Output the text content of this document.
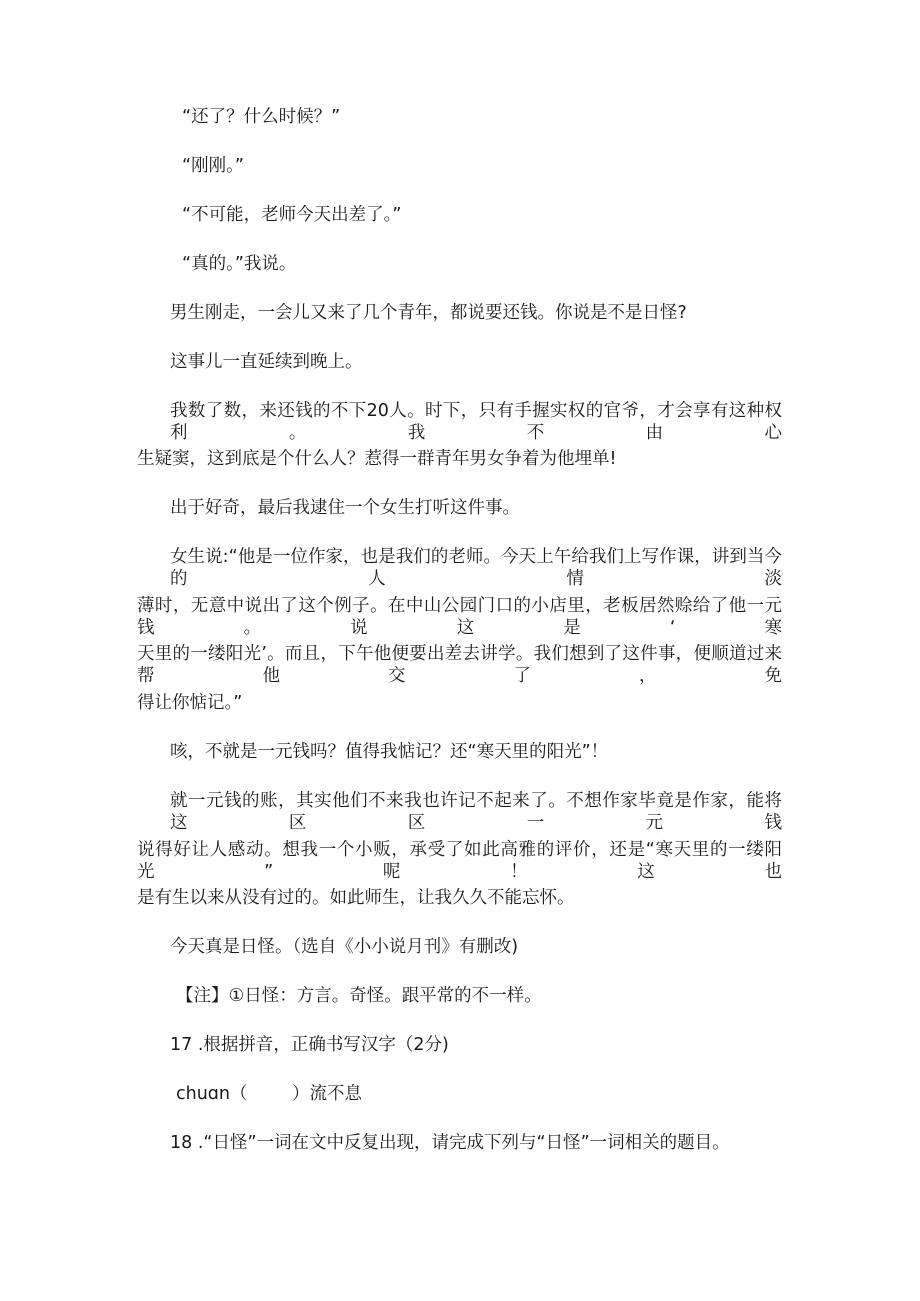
“还了？什么时候？”
“刚刚。”
“不可能，老师今天出差了。”
“真的。”我说。
男生刚走，一会儿又来了几个青年，都说要还钱。你说是不是日怪?
这事儿一直延续到晚上。
我数了数，来还钱的不下20人。时下，只有手握实权的官爷，才会享有这种权利。我不由心
生疑窦，这到底是个什么人？惹得一群青年男女争着为他埋单!
出于好奇，最后我逮住一个女生打听这件事。
女生说:“他是一位作家，也是我们的老师。今天上午给我们上写作课，讲到当今的人情淡
薄时，无意中说出了这个例子。在中山公园门口的小店里，老板居然赊给了他一元钱。说这是‘寒
天里的一缕阳光’。而且，下午他便要出差去讲学。我们想到了这件事，便顺道过来帮他交了，免
得让你惦记。”
咳，不就是一元钱吗？值得我惦记？还“寒天里的阳光”！
就一元钱的账，其实他们不来我也许记不起来了。不想作家毕竟是作家，能将这区区一元钱
说得好让人感动。想我一个小贩，承受了如此高雅的评价，还是“寒天里的一缕阳光”呢！这也
是有生以来从没有过的。如此师生，让我久久不能忘怀。
今天真是日怪。（选自《小小说月刊》有删改)
【注】①日怪：方言。奇怪。跟平常的不一样。
17 .根据拼音，正确书写汉字（2分)
chuɑn（        ）流不息
18 .“日怪”一词在文中反复出现，请完成下列与“日怪”一词相关的题目。
